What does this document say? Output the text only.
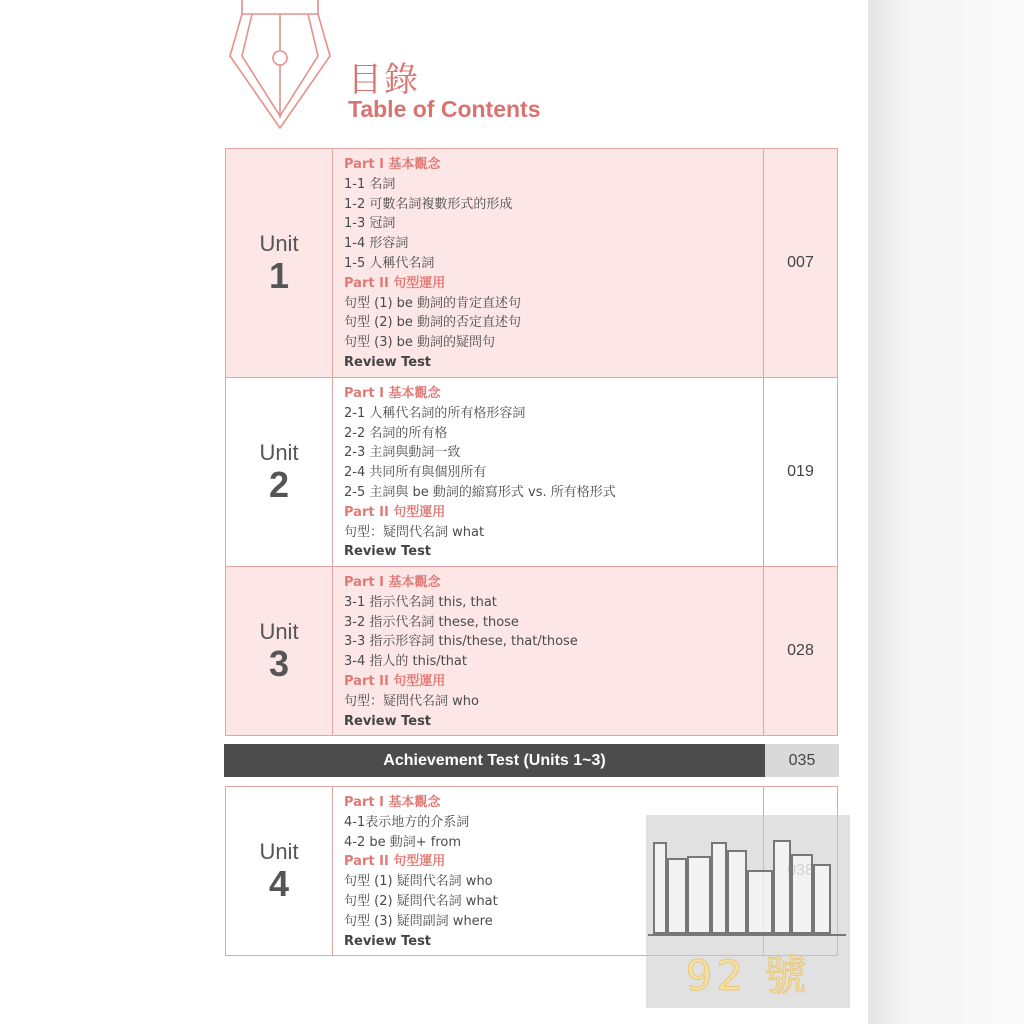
目錄
Table of Contents
Unit
1
Part I 基本觀念
1-1 名詞
1-2 可數名詞複數形式的形成
1-3 冠詞
1-4 形容詞
1-5 人稱代名詞
Part II 句型運用
句型 (1) be 動詞的肯定直述句
句型 (2) be 動詞的否定直述句
句型 (3) be 動詞的疑問句
Review Test
007
Unit
2
Part I 基本觀念
2-1 人稱代名詞的所有格形容詞
2-2 名詞的所有格
2-3 主詞與動詞一致
2-4 共同所有與個別所有
2-5 主詞與 be 動詞的縮寫形式 vs. 所有格形式
Part II 句型運用
句型：疑問代名詞 what
Review Test
019
Unit
3
Part I 基本觀念
3-1 指示代名詞 this, that
3-2 指示代名詞 these, those
3-3 指示形容詞 this/these, that/those
3-4 指人的 this/that
Part II 句型運用
句型：疑問代名詞 who
Review Test
028
Achievement Test (Units 1~3)	035
Unit
4
Part I 基本觀念
4-1表示地方的介系詞
4-2 be 動詞+ from
Part II 句型運用
句型 (1) 疑問代名詞 who
句型 (2) 疑問代名詞 what
句型 (3) 疑問副詞 where
Review Test
92 號
